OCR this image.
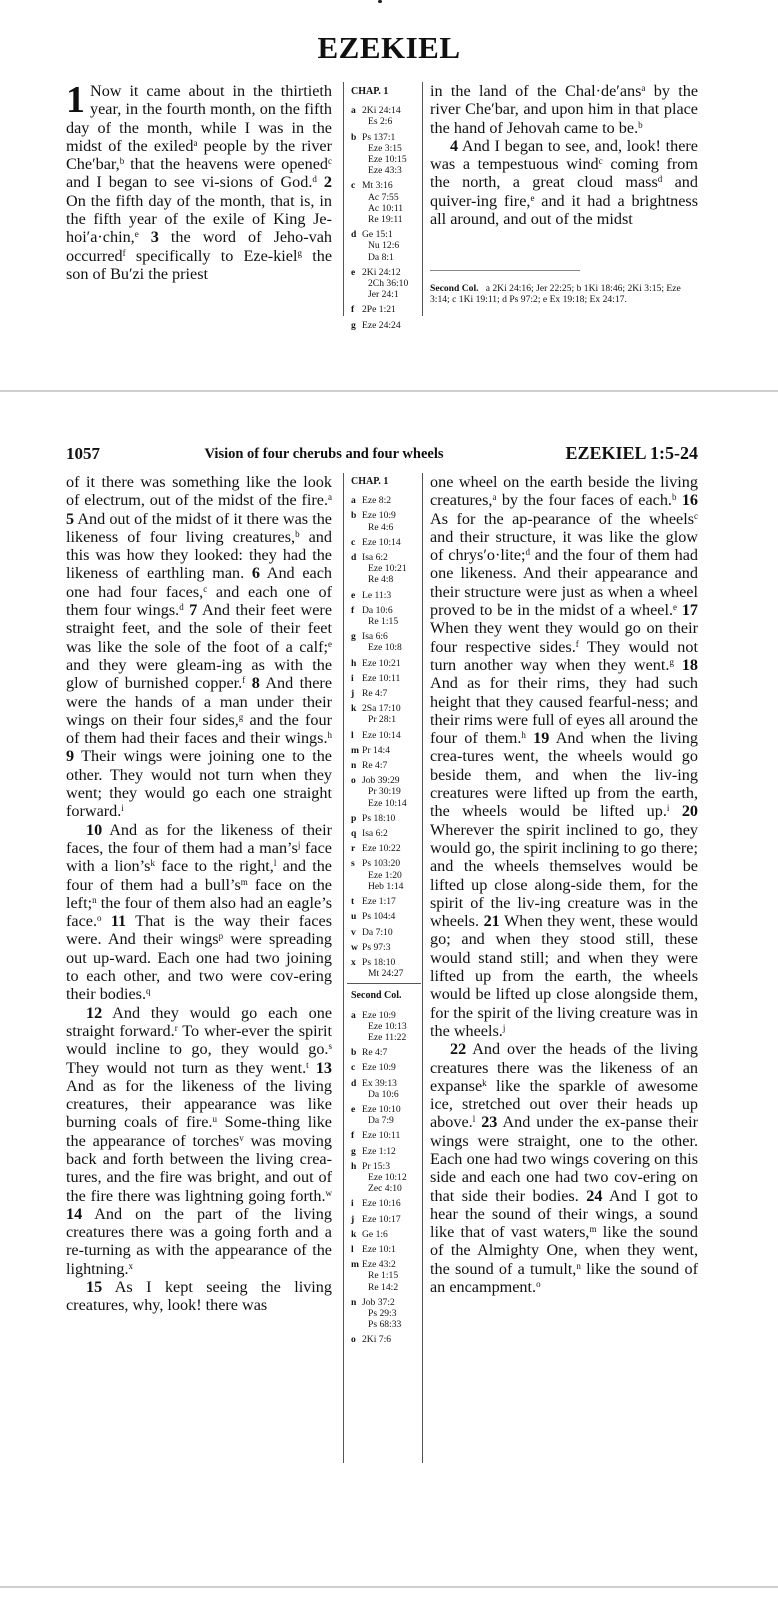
EZEKIEL
1 Now it came about in the thirtieth year, in the fourth month, on the fifth day of the month, while I was in the midst of the exiled$^a$ people by the river Che′bar,$^b$ that the heavens were opened$^c$ and I began to see vi-sions of God.$^d$ 2 On the fifth day of the month, that is, in the fifth year of the exile of King Je-hoi′a·chin,$^e$ 3 the word of Jeho-vah occurred$^f$ specifically to Eze-kiel$^g$ the son of Bu′zi the priest
CHAP. 1
a 2Ki 24:14
Es 2:6
b Ps 137:1
Eze 3:15
Eze 10:15
Eze 43:3
c Mt 3:16
Ac 7:55
Ac 10:11
Re 19:11
d Ge 15:1
Nu 12:6
Da 8:1
e 2Ki 24:12
2Ch 36:10
Jer 24:1
f 2Pe 1:21
g Eze 24:24
in the land of the Chal·de′ans$^a$ by the river Che′bar, and upon him in that place the hand of Jehovah came to be.$^b$

4 And I began to see, and, look! there was a tempestuous wind$^c$ coming from the north, a great cloud mass$^d$ and quiver-ing fire,$^e$ and it had a brightness all around, and out of the midst

Second Col. a 2Ki 24:16; Jer 22:25; b 1Ki 18:46; 2Ki 3:15; Eze 3:14; c 1Ki 19:11; d Ps 97:2; e Ex 19:18; Ex 24:17.
1057	Vision of four cherubs and four wheels	EZEKIEL 1:5-24
of it there was something like the look of electrum, out of the midst of the fire.$^a$ 5 And out of the midst of it there was the likeness of four living creatures,$^b$ and this was how they looked: they had the likeness of earthling man. 6 And each one had four faces,$^c$ and each one of them four wings.$^d$ 7 And their feet were straight feet, and the sole of their feet was like the sole of the foot of a calf;$^e$ and they were gleam-ing as with the glow of burnished copper.$^f$ 8 And there were the hands of a man under their wings on their four sides,$^g$ and the four of them had their faces and their wings.$^h$ 9 Their wings were joining one to the other. They would not turn when they went; they would go each one straight forward.$^i$

10 And as for the likeness of their faces, the four of them had a $man’s^j$ face with a $lion’s^k$ face to the right,$^l$ and the four of them had a $bull’s^m$ face on the left;$^n$ the four of them also had an eagle’s face.$^o$ 11 That is the way their faces were. And their wings$^p$ were spreading out up-ward. Each one had two joining to each other, and two were cov-ering their bodies.$^q$

12 And they would go each one straight forward.$^r$ To wher-ever the spirit would incline to go, they would go.$^s$ They would not turn as they went.$^t$ 13 And as for the likeness of the living creatures, their appearance was like burning coals of fire.$^u$ Some-thing like the appearance of torches$^v$ was moving back and forth between the living crea-tures, and the fire was bright, and out of the fire there was lightning going forth.$^w$ 14 And on the part of the living creatures there was a going forth and a re-turning as with the appearance of the lightning.$^x$

15 As I kept seeing the living creatures, why, look! there was

CHAP. 1
a Eze 8:2
b Eze 10:9
Re 4:6
c Eze 10:14
d Isa 6:2
Eze 10:21
Re 4:8
e Le 11:3
f Da 10:6
Re 1:15
g Isa 6:6
Eze 10:8
h Eze 10:21
i Eze 10:11
j Re 4:7
k 2Sa 17:10
Pr 28:1
l Eze 10:14
m Pr 14:4
n Re 4:7
o Job 39:29
Pr 30:19
Eze 10:14
p Ps 18:10
q Isa 6:2
r Eze 10:22
s Ps 103:20
Eze 1:20
Heb 1:14
t Eze 1:17
u Ps 104:4
v Da 7:10
w Ps 97:3
x Ps 18:10
Mt 24:27
Second Col.
a Eze 10:9
Eze 10:13
Eze 11:22
b Re 4:7
c Eze 10:9
d Ex 39:13
Da 10:6
e Eze 10:10
Da 7:9
f Eze 10:11
g Eze 1:12
h Pr 15:3
Eze 10:12
Zec 4:10
i Eze 10:16
j Eze 10:17
k Ge 1:6
l Eze 10:1
m Eze 43:2
Re 1:15
Re 14:2
n Job 37:2
Ps 29:3
Ps 68:33
o 2Ki 7:6
one wheel on the earth beside the living creatures,$^a$ by the four faces of each.$^b$ 16 As for the ap-pearance of the wheels$^c$ and their structure, it was like the glow of chrys′o·lite;$^d$ and the four of them had one likeness. And their appearance and their structure were just as when a wheel proved to be in the midst of a wheel.$^e$ 17 When they went they would go on their four respective sides.$^f$ They would not turn another way when they went.$^g$ 18 And as for their rims, they had such height that they caused fearful-ness; and their rims were full of eyes all around the four of them.$^h$ 19 And when the living crea-tures went, the wheels would go beside them, and when the liv-ing creatures were lifted up from the earth, the wheels would be lifted up.$^i$ 20 Wherever the spirit inclined to go, they would go, the spirit inclining to go there; and the wheels themselves would be lifted up close along-side them, for the spirit of the liv-ing creature was in the wheels. 21 When they went, these would go; and when they stood still, these would stand still; and when they were lifted up from the earth, the wheels would be lifted up close alongside them, for the spirit of the living creature was in the wheels.$^j$

22 And over the heads of the living creatures there was the likeness of an expanse$^k$ like the sparkle of awesome ice, stretched out over their heads up above.$^l$ 23 And under the ex-panse their wings were straight, one to the other. Each one had two wings covering on this side and each one had two cov-ering on that side their bodies. 24 And I got to hear the sound of their wings, a sound like that of vast waters,$^m$ like the sound of the Almighty One, when they went, the sound of a tumult,$^n$ like the sound of an encampment.$^o$
